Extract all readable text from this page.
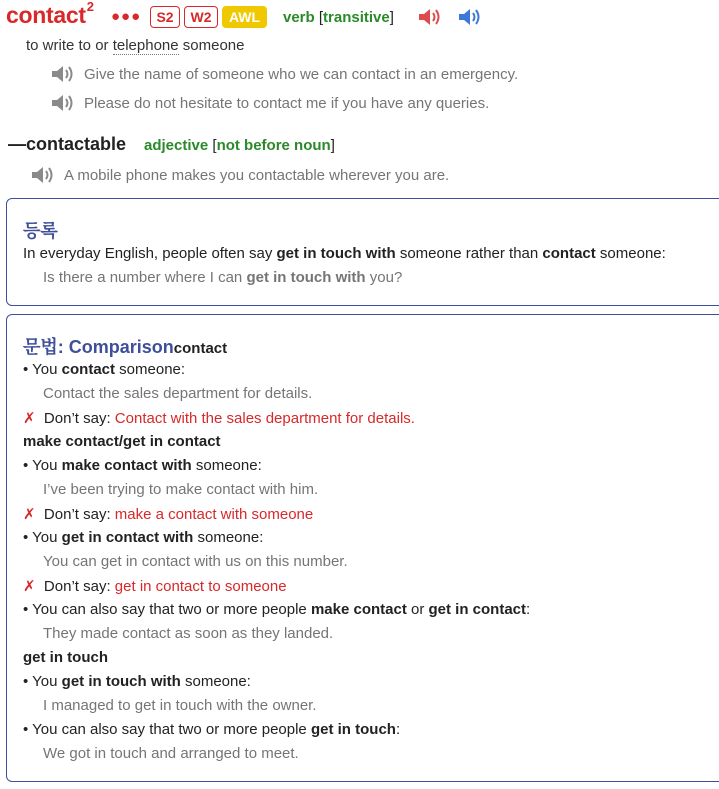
contact$^2$
●●●	S2	W2	AWL	verb [transitive]
to write to or telephone someone
Give the name of someone who we can contact in an emergency.
Please do not hesitate to contact me if you have any queries.
—contactable adjective [not before noun]
A mobile phone makes you contactable wherever you are.
등록
In everyday English, people often say get in touch with someone rather than contact someone:
Is there a number where I can get in touch with you?
문법: Comparisoncontact
• You contact someone:
Contact the sales department for details.
✗ Don’t say: Contact with the sales department for details.
make contact/get in contact
• You make contact with someone:
I’ve been trying to make contact with him.
✗ Don’t say: make a contact with someone
• You get in contact with someone:
You can get in contact with us on this number.
✗ Don’t say: get in contact to someone
• You can also say that two or more people make contact or get in contact:
They made contact as soon as they landed.
get in touch
• You get in touch with someone:
I managed to get in touch with the owner.
• You can also say that two or more people get in touch:
We got in touch and arranged to meet.
